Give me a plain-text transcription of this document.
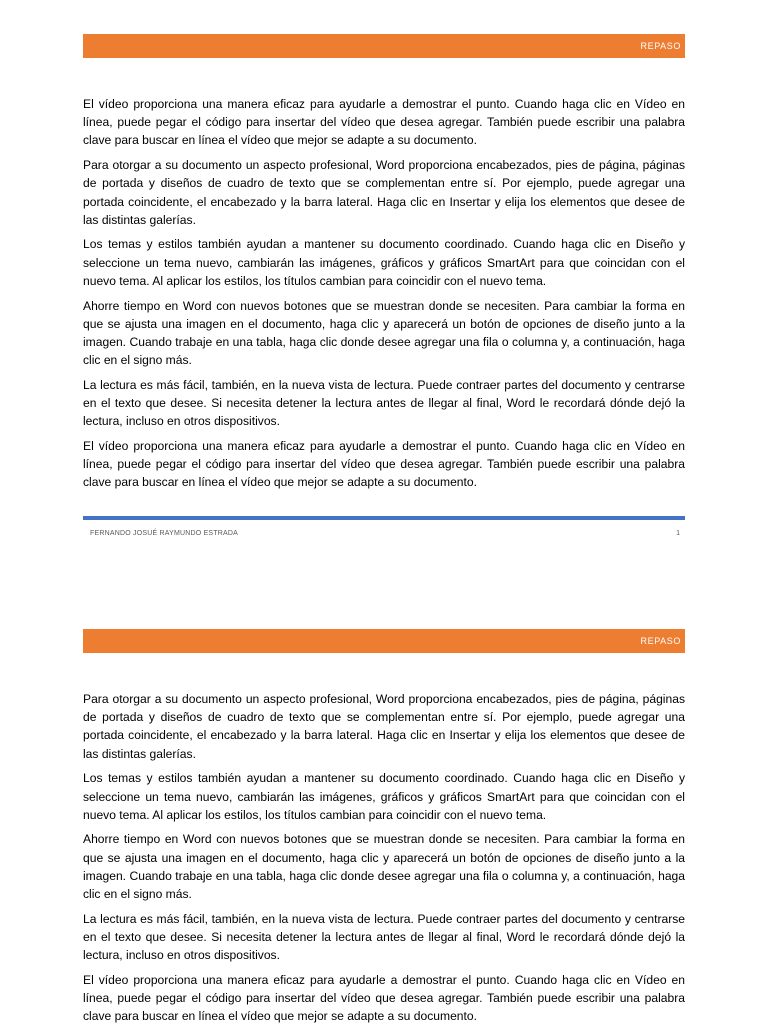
REPASO

El vídeo proporciona una manera eficaz para ayudarle a demostrar el punto. Cuando haga clic en Vídeo en línea, puede pegar el código para insertar del vídeo que desea agregar. También puede escribir una palabra clave para buscar en línea el vídeo que mejor se adapte a su documento.

Para otorgar a su documento un aspecto profesional, Word proporciona encabezados, pies de página, páginas de portada y diseños de cuadro de texto que se complementan entre sí. Por ejemplo, puede agregar una portada coincidente, el encabezado y la barra lateral. Haga clic en Insertar y elija los elementos que desee de las distintas galerías.

Los temas y estilos también ayudan a mantener su documento coordinado. Cuando haga clic en Diseño y seleccione un tema nuevo, cambiarán las imágenes, gráficos y gráficos SmartArt para que coincidan con el nuevo tema. Al aplicar los estilos, los títulos cambian para coincidir con el nuevo tema.

Ahorre tiempo en Word con nuevos botones que se muestran donde se necesiten. Para cambiar la forma en que se ajusta una imagen en el documento, haga clic y aparecerá un botón de opciones de diseño junto a la imagen. Cuando trabaje en una tabla, haga clic donde desee agregar una fila o columna y, a continuación, haga clic en el signo más.

La lectura es más fácil, también, en la nueva vista de lectura. Puede contraer partes del documento y centrarse en el texto que desee. Si necesita detener la lectura antes de llegar al final, Word le recordará dónde dejó la lectura, incluso en otros dispositivos.

El vídeo proporciona una manera eficaz para ayudarle a demostrar el punto. Cuando haga clic en Vídeo en línea, puede pegar el código para insertar del vídeo que desea agregar. También puede escribir una palabra clave para buscar en línea el vídeo que mejor se adapte a su documento.

FERNANDO JOSUÉ RAYMUNDO ESTRADA	1
REPASO

Para otorgar a su documento un aspecto profesional, Word proporciona encabezados, pies de página, páginas de portada y diseños de cuadro de texto que se complementan entre sí. Por ejemplo, puede agregar una portada coincidente, el encabezado y la barra lateral. Haga clic en Insertar y elija los elementos que desee de las distintas galerías.

Los temas y estilos también ayudan a mantener su documento coordinado. Cuando haga clic en Diseño y seleccione un tema nuevo, cambiarán las imágenes, gráficos y gráficos SmartArt para que coincidan con el nuevo tema. Al aplicar los estilos, los títulos cambian para coincidir con el nuevo tema.

Ahorre tiempo en Word con nuevos botones que se muestran donde se necesiten. Para cambiar la forma en que se ajusta una imagen en el documento, haga clic y aparecerá un botón de opciones de diseño junto a la imagen. Cuando trabaje en una tabla, haga clic donde desee agregar una fila o columna y, a continuación, haga clic en el signo más.

La lectura es más fácil, también, en la nueva vista de lectura. Puede contraer partes del documento y centrarse en el texto que desee. Si necesita detener la lectura antes de llegar al final, Word le recordará dónde dejó la lectura, incluso en otros dispositivos.

El vídeo proporciona una manera eficaz para ayudarle a demostrar el punto. Cuando haga clic en Vídeo en línea, puede pegar el código para insertar del vídeo que desea agregar. También puede escribir una palabra clave para buscar en línea el vídeo que mejor se adapte a su documento.
